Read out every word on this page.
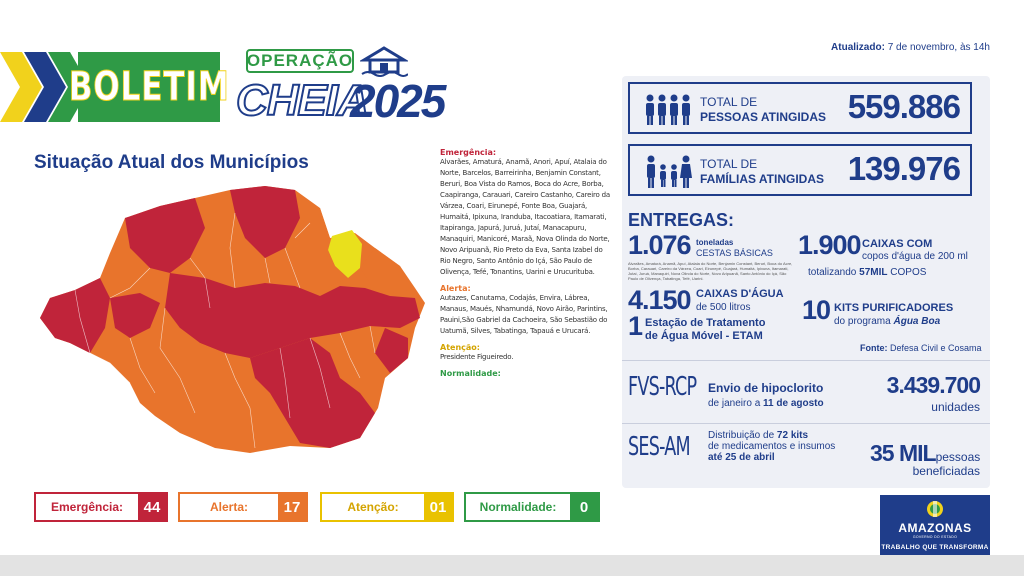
BOLETIM
OPERAÇÃO
CHEIA
2025
Atualizado: 7 de novembro, às 14h
Situação Atual dos Municípios	Emergência:
Alvarães, Amaturá, Anamã, Anori, Apuí, Atalaia do Norte, Barcelos, Barreirinha, Benjamin Constant, Beruri, Boa Vista do Ramos, Boca do Acre, Borba, Caapiranga, Carauari, Careiro Castanho, Careiro da Várzea, Coari, Eirunepé, Fonte Boa, Guajará, Humaitá, Ipixuna, Iranduba, Itacoatiara, Itamarati, Itapiranga, Japurá, Juruá, Jutaí, Manacapuru, Manaquiri, Manicoré, Maraã, Nova Olinda do Norte, Novo Aripuanã, Rio Preto da Eva, Santa Izabel do Rio Negro, Santo Antônio do Içá, São Paulo de Olivença, Tefé, Tonantins, Uarini e Urucurituba.
Alerta:
Autazes, Canutama, Codajás, Envira, Lábrea, Manaus, Maués, Nhamundá, Novo Airão, Parintins, Pauini,São Gabriel da Cachoeira, São Sebastião do Uatumã, Silves, Tabatinga, Tapauá e Urucará.
Atenção:
Presidente Figueiredo.
Normalidade:
Emergência:	44	Alerta:	17	Atenção:	01	Normalidade:	0
TOTAL DE
PESSOAS ATINGIDAS 559.886
TOTAL DE
FAMÍLIAS ATINGIDAS 139.976
ENTREGAS:
1.076 toneladas
CESTAS BÁSICAS
Alvarães, Amaturá, Anamã, Apuí, Atalaia do Norte, Benjamin Constant, Beruri, Boca do Acre, Borba, Carauari, Careiro da Várzea, Coari, Eirunepé, Guajará, Humaitá, Ipixuna, Itamarati, Jutaí, Juruá, Manaquiri, Nova Olinda do Norte, Novo Aripuanã, Santo Antônio do Içá, São Paulo de Olivença, Tabatinga, Tefé, Uarini.
1.900 CAIXAS COM
copos d'água de 200 ml
totalizando 57MIL COPOS
4.150 CAIXAS D'ÁGUA
de 500 litros 10 KITS PURIFICADORES
do programa Água Boa
1 Estação de Tratamento
de Água Móvel - ETAM
Fonte: Defesa Civil e Cosama
FVS-RCP Envio de hipoclorito
de janeiro a 11 de agosto
3.439.700
unidades
SES-AM Distribuição de 72 kits
de medicamentos e insumos
até 25 de abril	35 MILpessoas
beneficiadas
AMAZONAS
GOVERNO DO ESTADO
TRABALHO QUE TRANSFORMA
